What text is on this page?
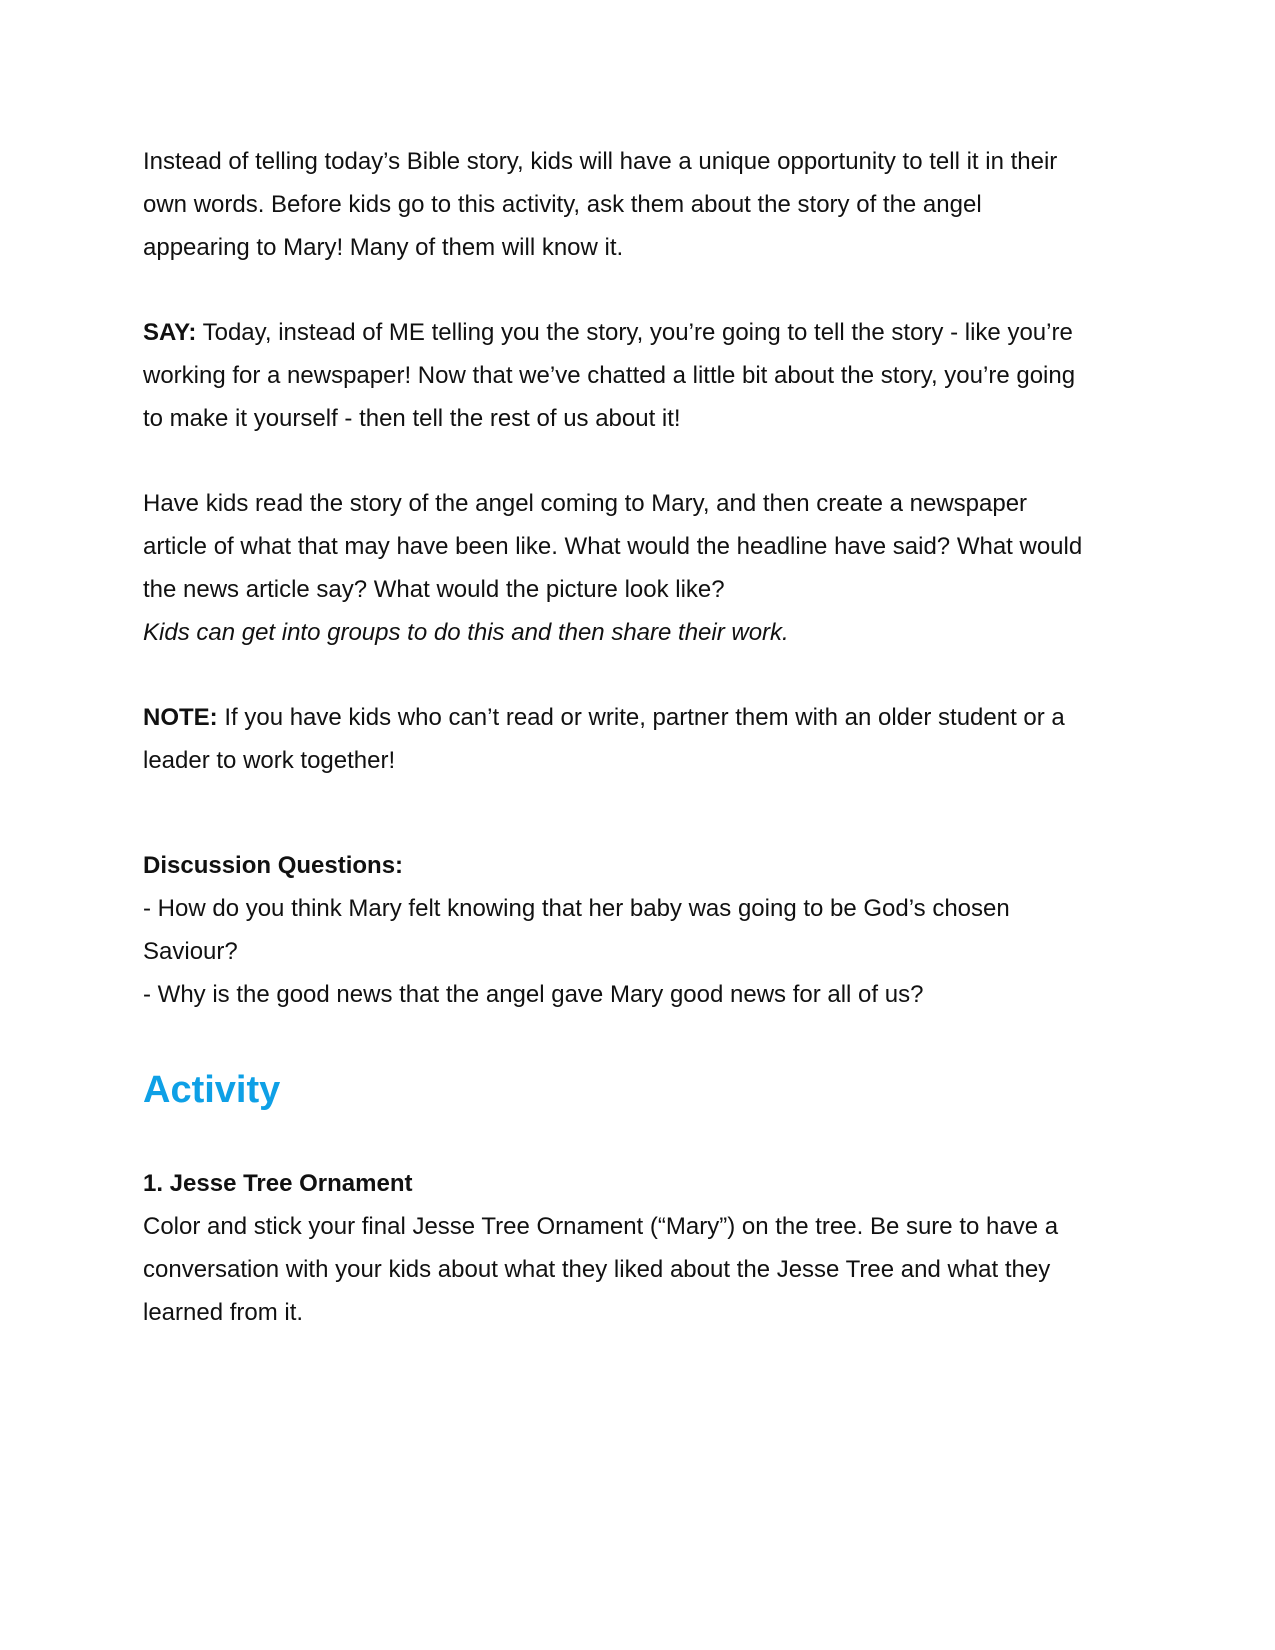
Instead of telling today’s Bible story, kids will have a unique opportunity to tell it in their own words. Before kids go to this activity, ask them about the story of the angel appearing to Mary! Many of them will know it.

SAY: Today, instead of ME telling you the story, you’re going to tell the story - like you’re working for a newspaper! Now that we’ve chatted a little bit about the story, you’re going to make it yourself - then tell the rest of us about it!

Have kids read the story of the angel coming to Mary, and then create a newspaper article of what that may have been like. What would the headline have said? What would the news article say? What would the picture look like?
Kids can get into groups to do this and then share their work.

NOTE: If you have kids who can’t read or write, partner them with an older student or a leader to work together!

Discussion Questions:

- How do you think Mary felt knowing that her baby was going to be God’s chosen Saviour?

- Why is the good news that the angel gave Mary good news for all of us?

Activity

1. Jesse Tree Ornament

Color and stick your final Jesse Tree Ornament (“Mary”) on the tree. Be sure to have a conversation with your kids about what they liked about the Jesse Tree and what they learned from it.
